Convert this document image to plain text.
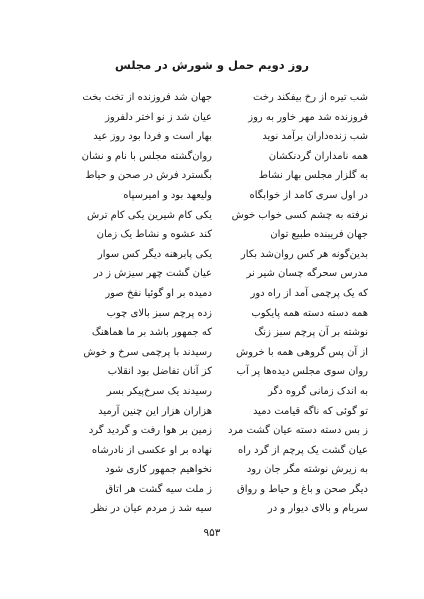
روز دویم حمل و شورش در مجلس
شب تیره از رخ بیفکند رخت
جهان شد فروزنده از تخت بخت
فروزنده شد مهر خاور به روز
عیان شد ز نو اختر دلفروز
شب زنده‌داران برآمد نوید
بهار است و فردا بود روز عید
همه نامداران گردنکشان
روان‌گشته مجلس با نام و نشان
به گلزار مجلس بهار نشاط
بگسترد فرش در صحن و حیاط
در اول سری کامد از خوابگاه
ولیعهد بود و امیرسپاه
نرفته به چشم کسی خواب خوش
یکی کام شیرین یکی کام ترش
جهان فریبنده طبیع توان
کند عشوه و نشاط یک زمان
بدین‌گونه هر کس روان‌شد بکار
یکی پابرهنه دیگر کس سوار
مدرس سحرگه چسان شیر نر
عیان گشت چهر سیزش ز در
که یک پرچمی آمد از راه دور
دمیده بر او گوئیا نفخ صور
همه دسته دسته همه پایکوب
زده پرچم سبز بالای چوب
نوشته بر آن پرچم سبز زنگ
که جمهور باشد بر ما هماهنگ
از آن پس گروهی همه با خروش
رسیدند با پرچمی سرخ و خوش
روان سوی مجلس دیده‌ها پر آب
کز آنان تفاضل بود انقلاب
به اندک زمانی گروه دگر
رسیدند یک سرخ‌پیکر بسر
تو گوئی که ناگه قیامت دمید
هزاران هزار این چنین آرمید
ز بس دسته دسته عیان گشت مرد
زمین بر هوا رفت و گردید گرد
عیان گشت یک پرچم از گرد راه
نهاده بر او عکسی از نادرشاه
به زیرش نوشته مگر جان رود
نخواهیم جمهور کاری شود
دیگر صحن و باغ و حیاط و رواق
ز ملت سیه گشت هر اتاق
سربام و بالای دیوار و در
سیه شد ز مردم عیان در نظر
۹۵۳
